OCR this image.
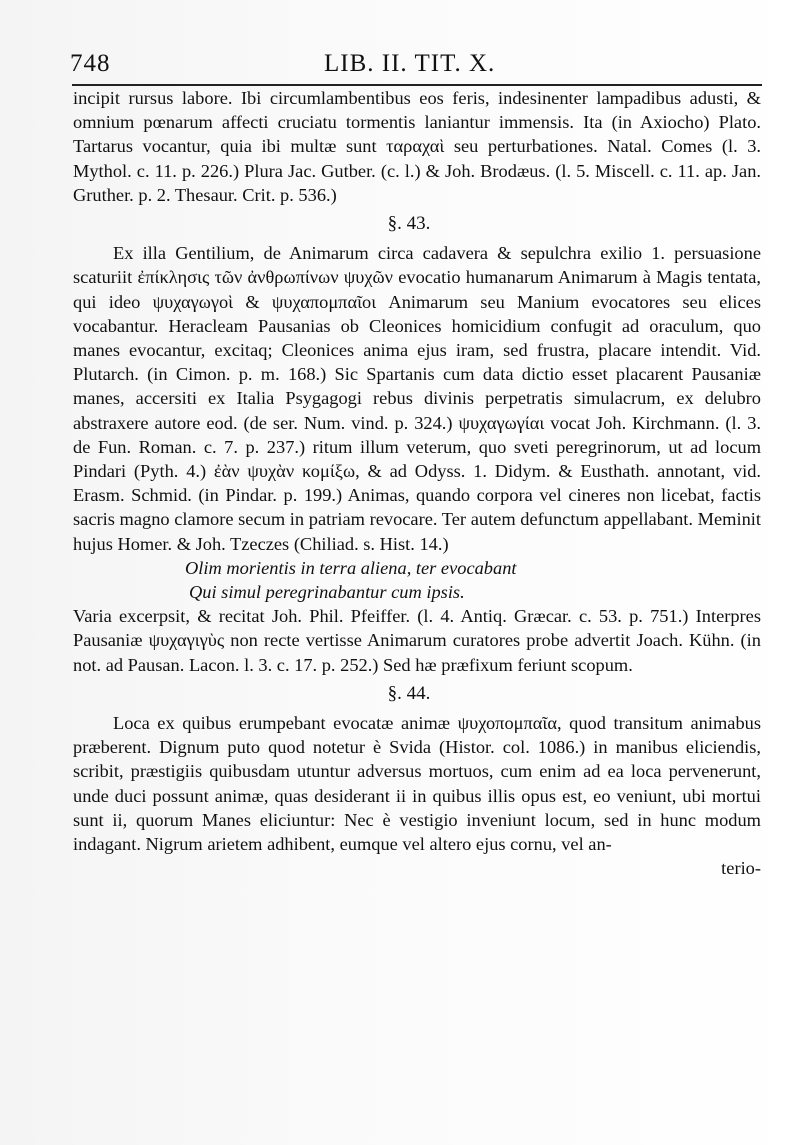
748	LIB. II. TIT. X.

incipit rursus labore. Ibi circumlambentibus eos feris, indesinenter lampadibus adusti, & omnium pœnarum affecti cruciatu tormentis laniantur immensis. Ita (in Axiocho) Plato. Tartarus vocantur, quia ibi multæ sunt ταραχαὶ seu perturbationes. Natal. Comes (l. 3. Mythol. c. 11. p. 226.) Plura Jac. Gutber. (c. l.) & Joh. Brodæus. (l. 5. Miscell. c. 11. ap. Jan. Gruther. p. 2. Thesaur. Crit. p. 536.)

§. 43.

Ex illa Gentilium, de Animarum circa cadavera & sepulchra exilio 1. persuasione scaturiit ἐπίκλησις τῶν ἀνθρωπίνων ψυχῶν evocatio humanarum Animarum à Magis tentata, qui ideo ψυχαγωγοὶ & ψυχαπομπαῖοι Animarum seu Manium evocatores seu elices vocabantur. Heracleam Pausanias ob Cleonices homicidium confugit ad oraculum, quo manes evocantur, excitaq; Cleonices anima ejus iram, sed frustra, placare intendit. Vid. Plutarch. (in Cimon. p. m. 168.) Sic Spartanis cum data dictio esset placarent Pausaniæ manes, accersiti ex Italia Psygagogi rebus divinis perpetratis simulacrum, ex delubro abstraxere autore eod. (de ser. Num. vind. p. 324.) ψυχαγωγίαι vocat Joh. Kirchmann. (l. 3. de Fun. Roman. c. 7. p. 237.) ritum illum veterum, quo sveti peregrinorum, ut ad locum Pindari (Pyth. 4.) ἐὰν ψυχὰν κομίξω, & ad Odyss. 1. Didym. & Eusthath. annotant, vid. Erasm. Schmid. (in Pindar. p. 199.) Animas, quando corpora vel cineres non licebat, factis sacris magno clamore secum in patriam revocare. Ter autem defunctum appellabant. Meminit hujus Homer. & Joh. Tzeczes (Chiliad. s. Hist. 14.)

Olim morientis in terra aliena, ter evocabant

Qui simul peregrinabantur cum ipsis.

Varia excerpsit, & recitat Joh. Phil. Pfeiffer. (l. 4. Antiq. Græcar. c. 53. p. 751.) Interpres Pausaniæ ψυχαγιγὺς non recte vertisse Animarum curatores probe advertit Joach. Kühn. (in not. ad Pausan. Lacon. l. 3. c. 17. p. 252.) Sed hæ præfixum feriunt scopum.

§. 44.

Loca ex quibus erumpebant evocatæ animæ ψυχοπομπαῖα, quod transitum animabus præberent. Dignum puto quod notetur è Svida (Histor. col. 1086.) in manibus eliciendis, scribit, præstigiis quibusdam utuntur adversus mortuos, cum enim ad ea loca pervenerunt, unde duci possunt animæ, quas desiderant ii in quibus illis opus est, eo veniunt, ubi mortui sunt ii, quorum Manes eliciuntur: Nec è vestigio inveniunt locum, sed in hunc modum indagant. Nigrum arietem adhibent, eumque vel altero ejus cornu, vel an-

terio-
